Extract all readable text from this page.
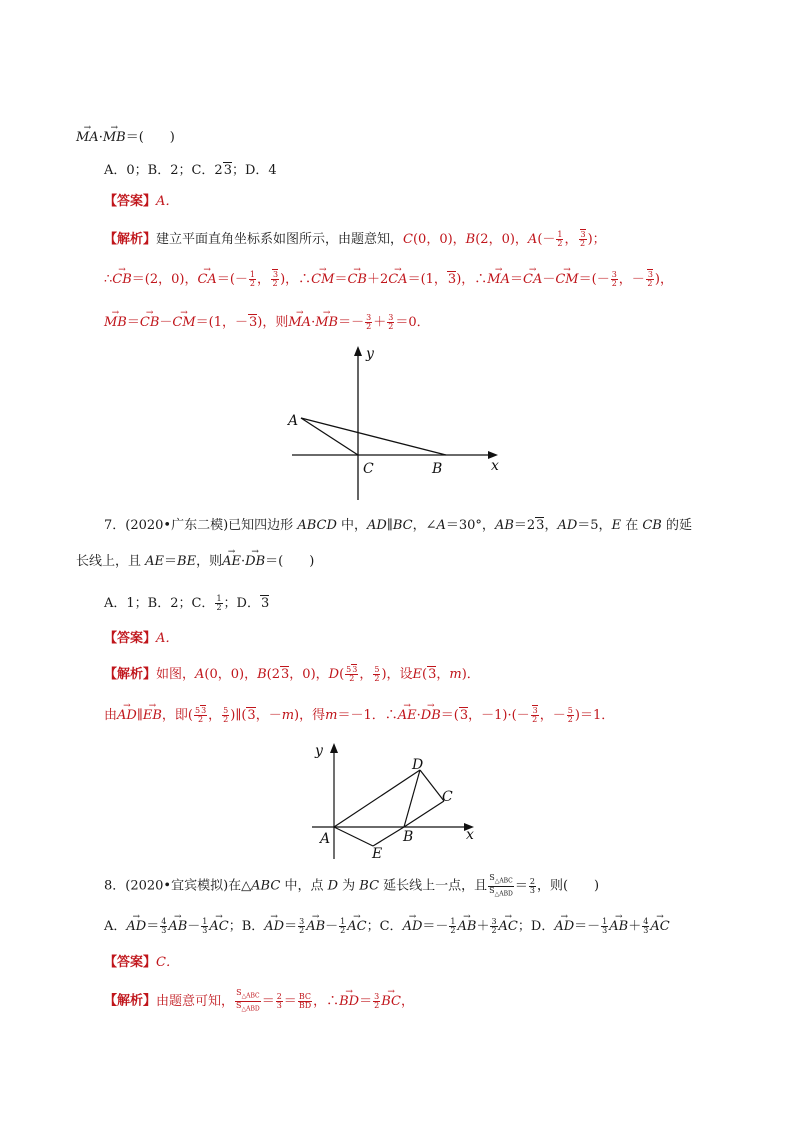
→ MA·→ MB＝(　　)
A．0；B．2；C．23；D．4
【答案】A．
【解析】建立平面直角坐标系如图所示，由题意知，C(0，0)，B(2，0)，$A(- \frac{1}{2}$ ， $\frac{3}{2}$ )；
∴→ CB＝(2，0)，→ $CA=(- \frac{1}{2}$ ， $\frac{3}{2}$ )，∴→ CM＝→ CB＋2→ CA＝(1，3)，∴→ $MA=\to CA-\to CM=(- \frac{3}{2}$ ，－ $\frac{3}{2}$ )，
→ MB＝→ CB－→ CM＝(1，－3)，则→ $MA\cdot\to MB=- \frac{3}{2} + \frac{3}{2} =0$．
y
A
C	B	x
7．(2020•广东二模)已知四边形 ABCD 中，AD∥BC，∠A＝30°，AB＝23，AD＝5，E 在 CB 的延
长线上，且 AE＝BE，则→ AE·→ DB＝(　　)
A．1；B．2；C． $\frac{1}{2}$ ；D．3
【答案】A．
【解析】如图，A(0，0)，B(23，0)，$D( \frac{53}{2}$ ， $\frac{5}{2}$ )，设E(3，m)．
由→ AD∥→ EB，即( $\frac{53}{2}$ ， $\frac{5}{2}$ )∥(3，－m)，得m＝－1．∴→ AE·→ DB＝(3，$-1)\cdot(- \frac{3}{2}$ ，－ $\frac{5}{2} )=1$．
y
A	B
C
D
E
x
8．(2020•宜宾模拟)在△ABC 中，点 D 为 BC 延长线上一点，且 $\frac{S_{\triangle ABC}}{S_{\triangle ABD}} = \frac{2}{3}$ ，则(　　)
A．→ $AD= \frac{4}{3}$
→ $AB- \frac{1}{3}$
→ AC；B．→ $AD= \frac{3}{2}$
→ $AB- \frac{1}{2}$
→ AC；C．→ $AD=- \frac{1}{2}$
→ $AB+ \frac{3}{2}$
→ AC；D．→ $AD=- \frac{1}{3}$
→ $AB+ \frac{4}{3}$
→ AC
【答案】C．
【解析】由题意可知， $\frac{S_{\triangle ABC}}{S_{\triangle ABD}} = \frac{2}{3} = \frac{BC}{BD}$ ，∴→ $BD= \frac{3}{2}$
→ BC，
